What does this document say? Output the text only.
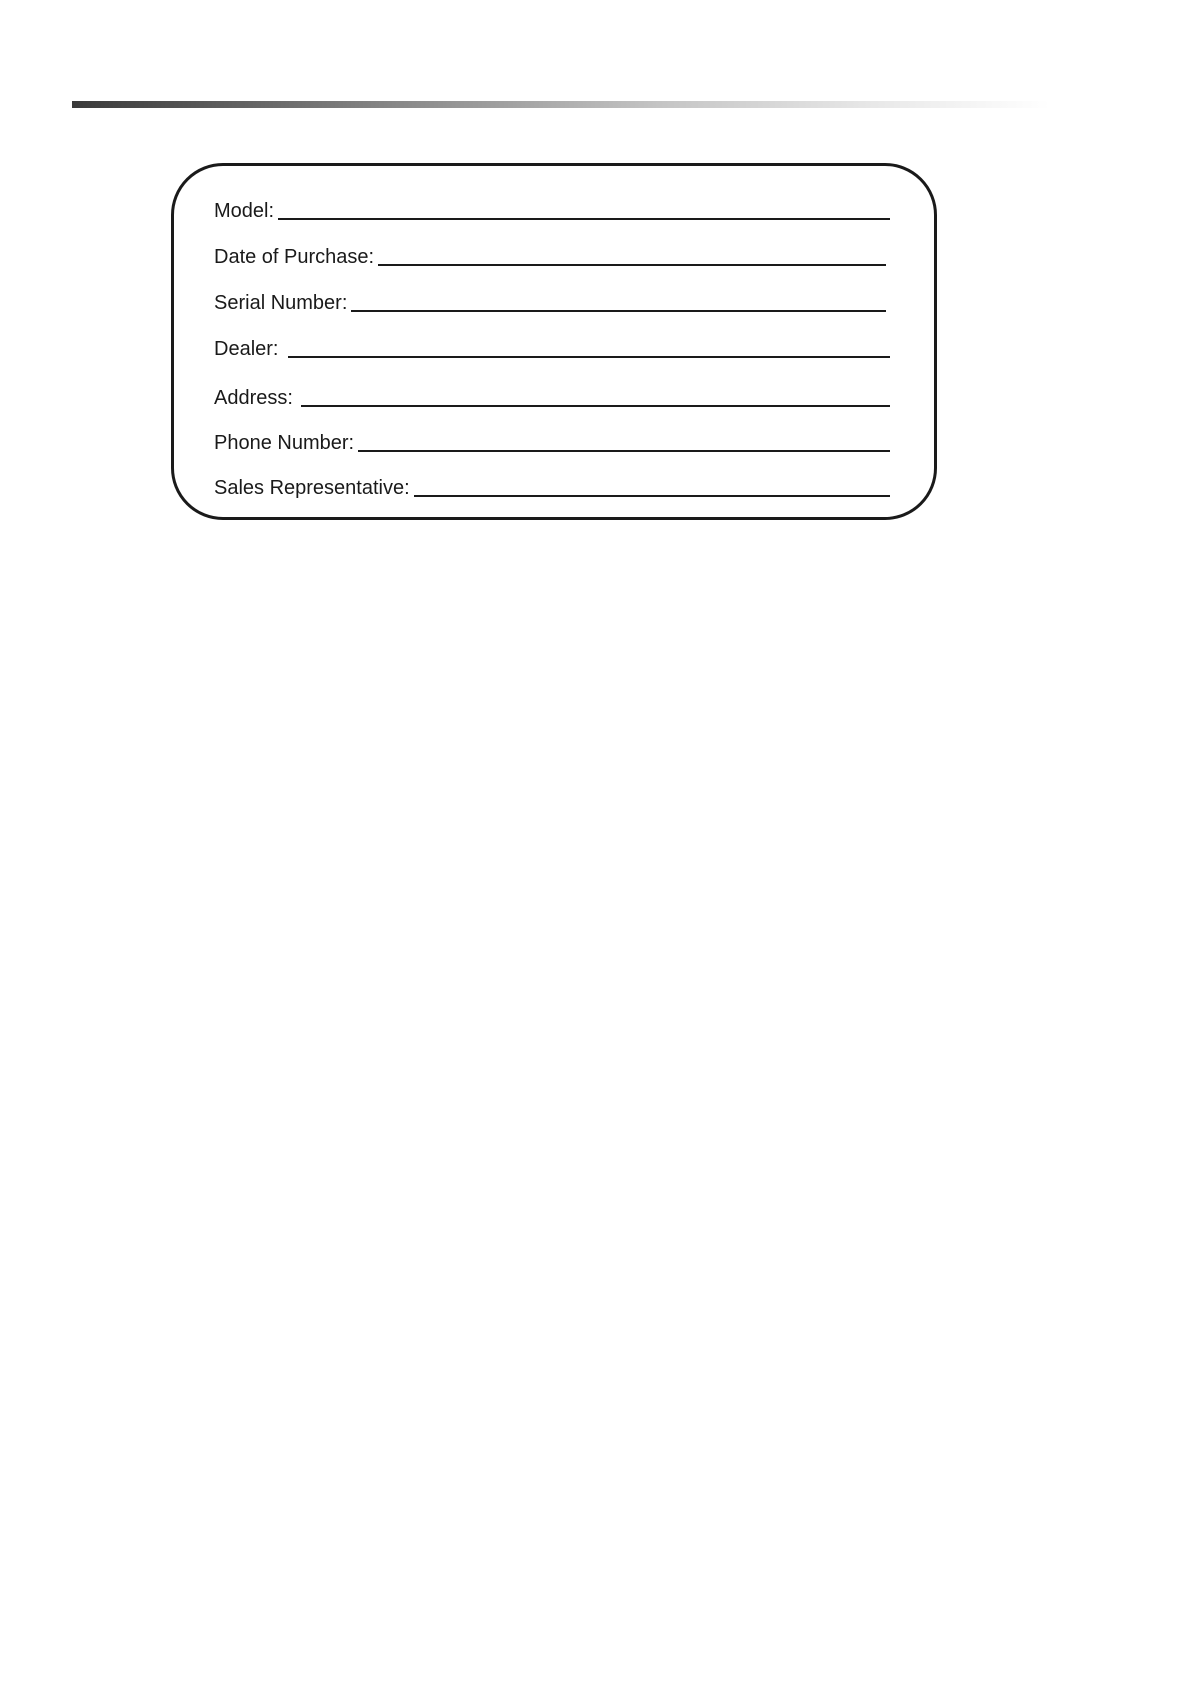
Model:
Date of Purchase:
Serial Number:
Dealer:
Address:
Phone Number:
Sales Representative:
